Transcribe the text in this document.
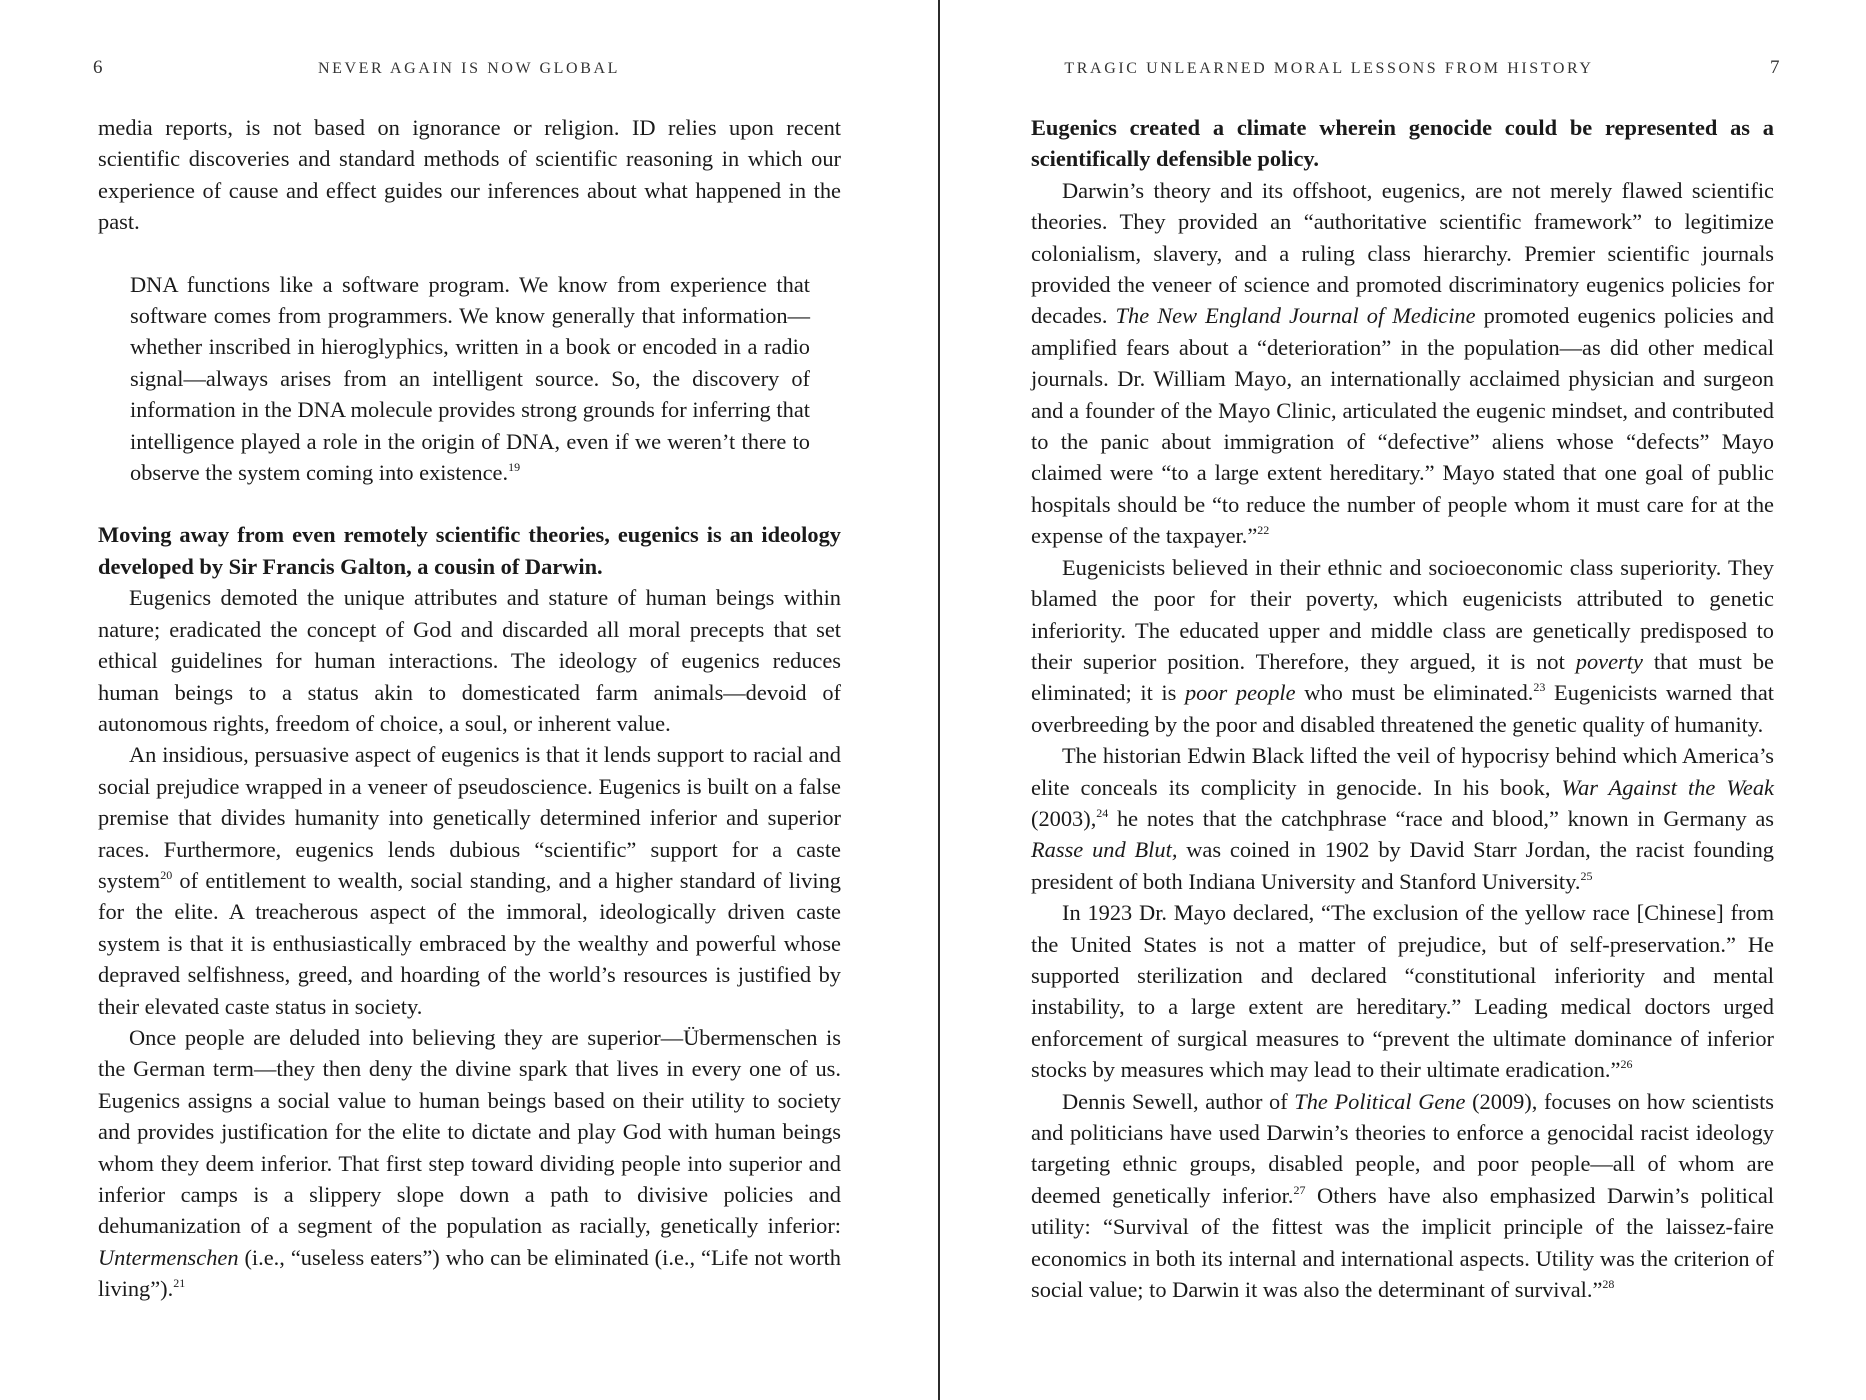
6	NEVER AGAIN IS NOW GLOBAL

media reports, is not based on ignorance or religion. ID relies upon recent scientific discoveries and standard methods of scientific reasoning in which our experience of cause and effect guides our inferences about what happened in the past.

DNA functions like a software program. We know from experience that software comes from programmers. We know generally that information—whether inscribed in hieroglyphics, written in a book or encoded in a radio signal—always arises from an intelligent source. So, the discovery of information in the DNA molecule provides strong grounds for inferring that intelligence played a role in the origin of DNA, even if we weren’t there to observe the system coming into existence.$^{19}$

Moving away from even remotely scientific theories, eugenics is an ideology developed by Sir Francis Galton, a cousin of Darwin.

Eugenics demoted the unique attributes and stature of human beings within nature; eradicated the concept of God and discarded all moral precepts that set ethical guidelines for human interactions. The ideology of eugenics reduces human beings to a status akin to domesticated farm animals—devoid of autonomous rights, freedom of choice, a soul, or inherent value.

An insidious, persuasive aspect of eugenics is that it lends support to racial and social prejudice wrapped in a veneer of pseudoscience. Eugenics is built on a false premise that divides humanity into genetically determined inferior and superior races. Furthermore, eugenics lends dubious “scientific” support for a caste system$^{20}$ of entitlement to wealth, social standing, and a higher standard of living for the elite. A treacherous aspect of the immoral, ideologically driven caste system is that it is enthusiastically embraced by the wealthy and powerful whose depraved selfishness, greed, and hoarding of the world’s resources is justified by their elevated caste status in society.

Once people are deluded into believing they are superior—Übermenschen is the German term—they then deny the divine spark that lives in every one of us. Eugenics assigns a social value to human beings based on their utility to society and provides justification for the elite to dictate and play God with human beings whom they deem inferior. That first step toward dividing people into superior and inferior camps is a slippery slope down a path to divisive policies and dehumanization of a segment of the population as racially, genetically inferior: Untermenschen (i.e., “useless eaters”) who can be eliminated (i.e., “Life not worth living”).$^{21}$

TRAGIC UNLEARNED MORAL LESSONS FROM HISTORY	7

Eugenics created a climate wherein genocide could be represented as a scientifically defensible policy.

Darwin’s theory and its offshoot, eugenics, are not merely flawed scientific theories. They provided an “authoritative scientific framework” to legitimize colonialism, slavery, and a ruling class hierarchy. Premier scientific journals provided the veneer of science and promoted discriminatory eugenics policies for decades. The New England Journal of Medicine promoted eugenics policies and amplified fears about a “deterioration” in the population—as did other medical journals. Dr. William Mayo, an internationally acclaimed physician and surgeon and a founder of the Mayo Clinic, articulated the eugenic mindset, and contributed to the panic about immigration of “defective” aliens whose “defects” Mayo claimed were “to a large extent hereditary.” Mayo stated that one goal of public hospitals should be “to reduce the number of people whom it must care for at the expense of the taxpayer.”$^{22}$

Eugenicists believed in their ethnic and socioeconomic class superiority. They blamed the poor for their poverty, which eugenicists attributed to genetic inferiority. The educated upper and middle class are genetically predisposed to their superior position. Therefore, they argued, it is not poverty that must be eliminated; it is poor people who must be eliminated.$^{23}$ Eugenicists warned that overbreeding by the poor and disabled threatened the genetic quality of humanity.

The historian Edwin Black lifted the veil of hypocrisy behind which America’s elite conceals its complicity in genocide. In his book, War Against the Weak (2003),$^{24}$ he notes that the catchphrase “race and blood,” known in Germany as Rasse und Blut, was coined in 1902 by David Starr Jordan, the racist founding president of both Indiana University and Stanford University.$^{25}$

In 1923 Dr. Mayo declared, “The exclusion of the yellow race [Chinese] from the United States is not a matter of prejudice, but of self-preservation.” He supported sterilization and declared “constitutional inferiority and mental instability, to a large extent are hereditary.” Leading medical doctors urged enforcement of surgical measures to “prevent the ultimate dominance of inferior stocks by measures which may lead to their ultimate eradication.”$^{26}$

Dennis Sewell, author of The Political Gene (2009), focuses on how scientists and politicians have used Darwin’s theories to enforce a genocidal racist ideology targeting ethnic groups, disabled people, and poor people—all of whom are deemed genetically inferior.$^{27}$ Others have also emphasized Darwin’s political utility: “Survival of the fittest was the implicit principle of the laissez-faire economics in both its internal and international aspects. Utility was the criterion of social value; to Darwin it was also the determinant of survival.”$^{28}$
